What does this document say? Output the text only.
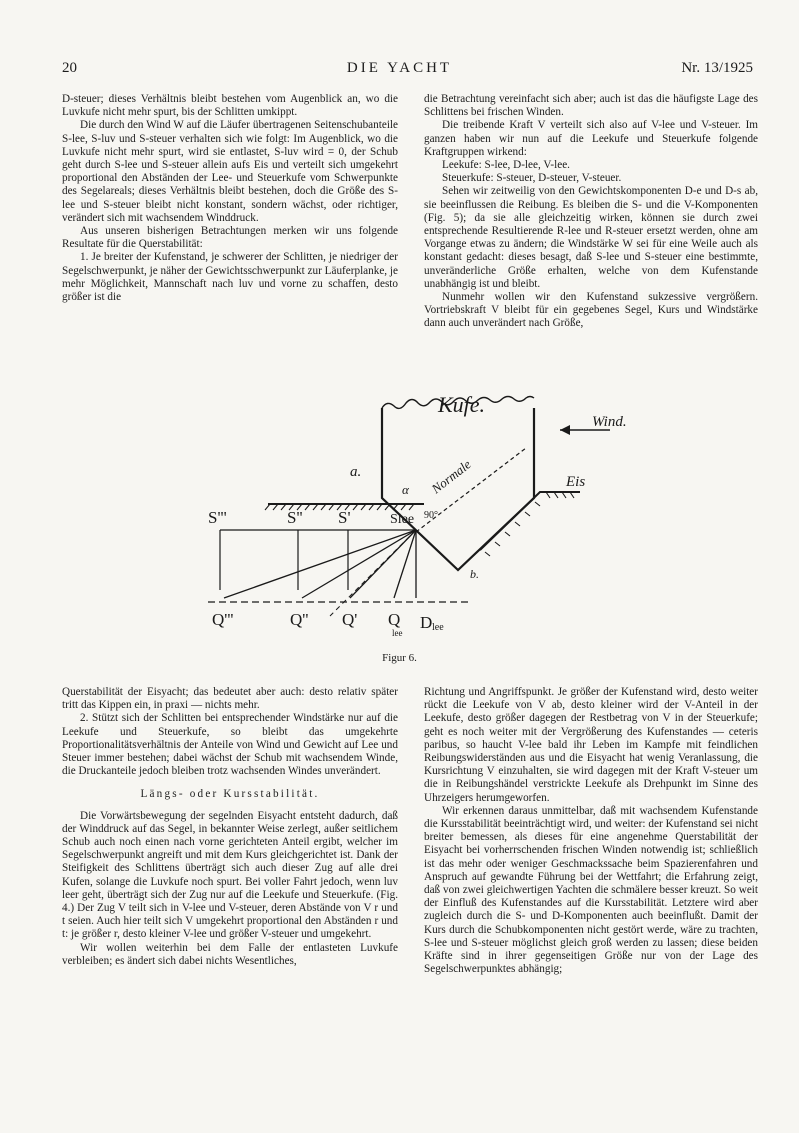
20	DIE YACHT	Nr. 13/1925

D-steuer; dieses Verhältnis bleibt bestehen vom Augenblick an, wo die Luvkufe nicht mehr spurt, bis der Schlitten umkippt.

Die durch den Wind W auf die Läufer übertragenen Seitenschubanteile S-lee, S-luv und S-steuer verhalten sich wie folgt: Im Augenblick, wo die Luvkufe nicht mehr spurt, wird sie entlastet, S-luv wird = 0, der Schub geht durch S-lee und S-steuer allein aufs Eis und verteilt sich umgekehrt proportional den Abständen der Lee- und Steuerkufe vom Schwerpunkte des Segelareals; dieses Verhältnis bleibt bestehen, doch die Größe des S-lee und S-steuer bleibt nicht konstant, sondern wächst, oder richtiger, verändert sich mit wachsendem Winddruck.

Aus unseren bisherigen Betrachtungen merken wir uns folgende Resultate für die Querstabilität:

1. Je breiter der Kufenstand, je schwerer der Schlitten, je niedriger der Segelschwerpunkt, je näher der Gewichtsschwerpunkt zur Läuferplanke, je mehr Möglichkeit, Mannschaft nach luv und vorne zu schaffen, desto größer ist die

die Betrachtung vereinfacht sich aber; auch ist das die häufigste Lage des Schlittens bei frischen Winden.

Die treibende Kraft V verteilt sich also auf V-lee und V-steuer. Im ganzen haben wir nun auf die Leekufe und Steuerkufe folgende Kraftgruppen wirkend:

Leekufe: S-lee, D-lee, V-lee.

Steuerkufe: S-steuer, D-steuer, V-steuer.

Sehen wir zeitweilig von den Gewichtskomponenten D-e und D-s ab, sie beeinflussen die Reibung. Es bleiben die S- und die V-Komponenten (Fig. 5); da sie alle gleichzeitig wirken, können sie durch zwei entsprechende Resultierende R-lee und R-steuer ersetzt werden, ohne am Vorgange etwas zu ändern; die Windstärke W sei für eine Weile auch als konstant gedacht: dieses besagt, daß S-lee und S-steuer eine bestimmte, unveränderliche Größe erhalten, welche von dem Kufenstande unabhängig ist und bleibt.

Nunmehr wollen wir den Kufenstand sukzessive vergrößern. Vortriebskraft V bleibt für ein gegebenes Segel, Kurs und Windstärke dann auch unverändert nach Größe,

Kufe.
Wind.
Eis
Normale
90°
α
a.
b.
S'''	S'' S'	Slee
Q'''	Q'' Q' Q
lee
D lee
Figur 6.

Querstabilität der Eisyacht; das bedeutet aber auch: desto relativ später tritt das Kippen ein, in praxi — nichts mehr.

2. Stützt sich der Schlitten bei entsprechender Windstärke nur auf die Leekufe und Steuerkufe, so bleibt das umgekehrte Proportionalitätsverhältnis der Anteile von Wind und Gewicht auf Lee und Steuer immer bestehen; dabei wächst der Schub mit wachsendem Winde, die Druckanteile jedoch bleiben trotz wachsenden Windes unverändert.

Längs- oder Kursstabilität.

Die Vorwärtsbewegung der segelnden Eisyacht entsteht dadurch, daß der Winddruck auf das Segel, in bekannter Weise zerlegt, außer seitlichem Schub auch noch einen nach vorne gerichteten Anteil ergibt, welcher im Segelschwerpunkt angreift und mit dem Kurs gleichgerichtet ist. Dank der Steifigkeit des Schlittens überträgt sich auch dieser Zug auf alle drei Kufen, solange die Luvkufe noch spurt. Bei voller Fahrt jedoch, wenn luv leer geht, überträgt sich der Zug nur auf die Leekufe und Steuerkufe. (Fig. 4.) Der Zug V teilt sich in V-lee und V-steuer, deren Abstände von V r und t seien. Auch hier teilt sich V umgekehrt proportional den Abständen r und t: je größer r, desto kleiner V-lee und größer V-steuer und umgekehrt.

Wir wollen weiterhin bei dem Falle der entlasteten Luvkufe verbleiben; es ändert sich dabei nichts Wesentliches,

Richtung und Angriffspunkt. Je größer der Kufenstand wird, desto weiter rückt die Leekufe von V ab, desto kleiner wird der V-Anteil in der Leekufe, desto größer dagegen der Restbetrag von V in der Steuerkufe; geht es noch weiter mit der Vergrößerung des Kufenstandes — ceteris paribus, so haucht V-lee bald ihr Leben im Kampfe mit feindlichen Reibungswiderständen aus und die Eisyacht hat wenig Veranlassung, die Kursrichtung V einzuhalten, sie wird dagegen mit der Kraft V-steuer um die in Reibungshändel verstrickte Leekufe als Drehpunkt im Sinne des Uhrzeigers herumgeworfen.

Wir erkennen daraus unmittelbar, daß mit wachsendem Kufenstande die Kursstabilität beeinträchtigt wird, und weiter: der Kufenstand sei nicht breiter bemessen, als dieses für eine angenehme Querstabilität der Eisyacht bei vorherrschenden frischen Winden notwendig ist; schließlich ist das mehr oder weniger Geschmackssache beim Spazierenfahren und Anspruch auf gewandte Führung bei der Wettfahrt; die Erfahrung zeigt, daß von zwei gleichwertigen Yachten die schmälere besser kreuzt. So weit der Einfluß des Kufenstandes auf die Kursstabilität. Letztere wird aber zugleich durch die S- und D-Komponenten auch beeinflußt. Damit der Kurs durch die Schubkomponenten nicht gestört werde, wäre zu trachten, S-lee und S-steuer möglichst gleich groß werden zu lassen; diese beiden Kräfte sind in ihrer gegenseitigen Größe nur von der Lage des Segelschwerpunktes abhängig;
